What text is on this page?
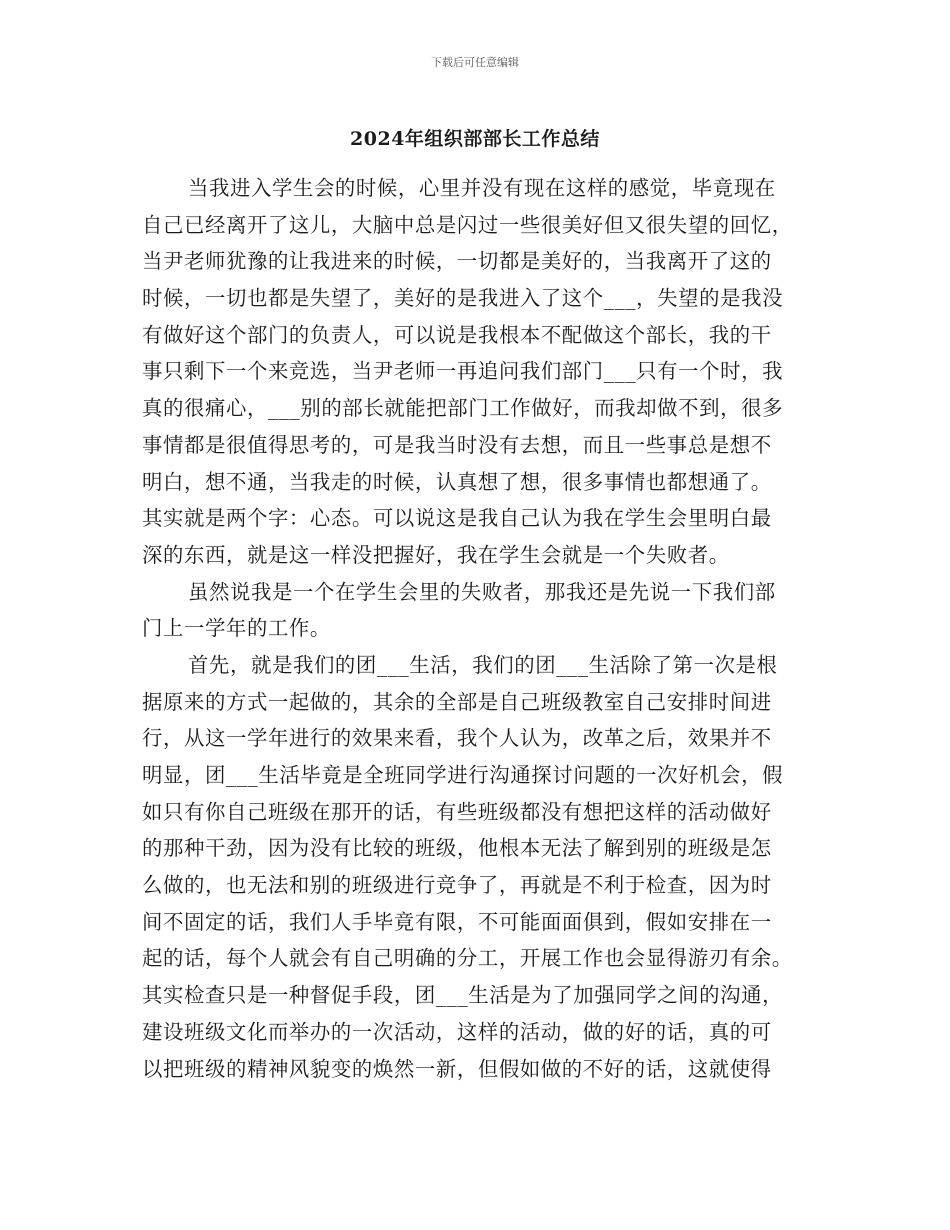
下载后可任意编辑
2024年组织部部长工作总结
当我进入学生会的时候，心里并没有现在这样的感觉，毕竟现在
自己已经离开了这儿，大脑中总是闪过一些很美好但又很失望的回忆，
当尹老师犹豫的让我进来的时候，一切都是美好的，当我离开了这的
时候，一切也都是失望了，美好的是我进入了这个___，失望的是我没
有做好这个部门的负责人，可以说是我根本不配做这个部长，我的干
事只剩下一个来竞选，当尹老师一再追问我们部门___只有一个时，我
真的很痛心，___别的部长就能把部门工作做好，而我却做不到，很多
事情都是很值得思考的，可是我当时没有去想，而且一些事总是想不
明白，想不通，当我走的时候，认真想了想，很多事情也都想通了。
其实就是两个字：心态。可以说这是我自己认为我在学生会里明白最
深的东西，就是这一样没把握好，我在学生会就是一个失败者。
虽然说我是一个在学生会里的失败者，那我还是先说一下我们部
门上一学年的工作。
首先，就是我们的团___生活，我们的团___生活除了第一次是根
据原来的方式一起做的，其余的全部是自己班级教室自己安排时间进
行，从这一学年进行的效果来看，我个人认为，改革之后，效果并不
明显，团___生活毕竟是全班同学进行沟通探讨问题的一次好机会，假
如只有你自己班级在那开的话，有些班级都没有想把这样的活动做好
的那种干劲，因为没有比较的班级，他根本无法了解到别的班级是怎
么做的，也无法和别的班级进行竞争了，再就是不利于检查，因为时
间不固定的话，我们人手毕竟有限，不可能面面俱到，假如安排在一
起的话，每个人就会有自己明确的分工，开展工作也会显得游刃有余。
其实检查只是一种督促手段，团___生活是为了加强同学之间的沟通，
建设班级文化而举办的一次活动，这样的活动，做的好的话，真的可
以把班级的精神风貌变的焕然一新，但假如做的不好的话，这就使得
